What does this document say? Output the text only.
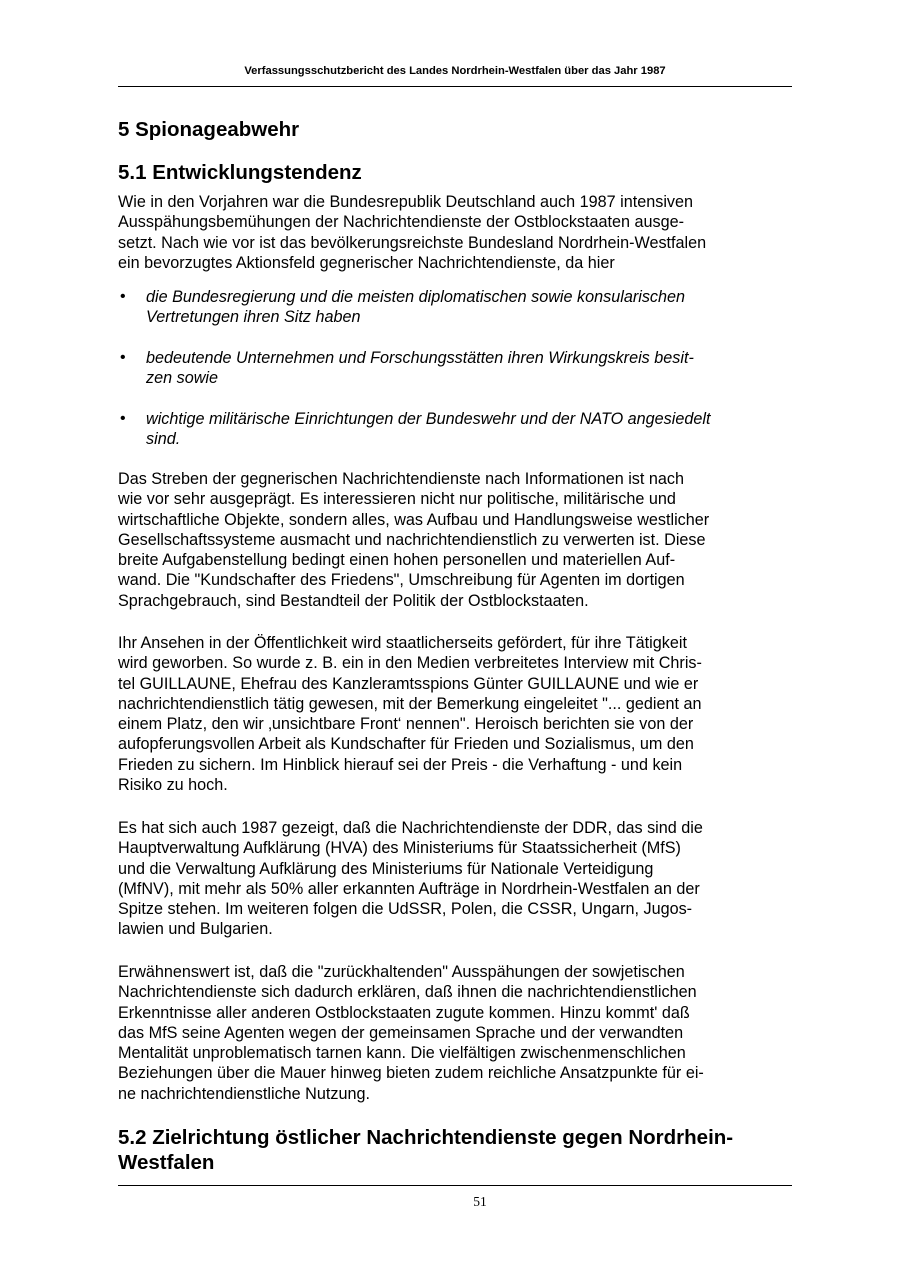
Verfassungsschutzbericht des Landes Nordrhein-Westfalen über das Jahr 1987
5 Spionageabwehr
5.1 Entwicklungstendenz
Wie in den Vorjahren war die Bundesrepublik Deutschland auch 1987 intensiven
Ausspähungsbemühungen der Nachrichtendienste der Ostblockstaaten ausge-
setzt. Nach wie vor ist das bevölkerungsreichste Bundesland Nordrhein-Westfalen
ein bevorzugtes Aktionsfeld gegnerischer Nachrichtendienste, da hier
• die Bundesregierung und die meisten diplomatischen sowie konsularischen
Vertretungen ihren Sitz haben
• bedeutende Unternehmen und Forschungsstätten ihren Wirkungskreis besit-
zen sowie
• wichtige militärische Einrichtungen der Bundeswehr und der NATO angesiedelt
sind.
Das Streben der gegnerischen Nachrichtendienste nach Informationen ist nach
wie vor sehr ausgeprägt. Es interessieren nicht nur politische, militärische und
wirtschaftliche Objekte, sondern alles, was Aufbau und Handlungsweise westlicher
Gesellschaftssysteme ausmacht und nachrichtendienstlich zu verwerten ist. Diese
breite Aufgabenstellung bedingt einen hohen personellen und materiellen Auf-
wand. Die "Kundschafter des Friedens", Umschreibung für Agenten im dortigen
Sprachgebrauch, sind Bestandteil der Politik der Ostblockstaaten.
Ihr Ansehen in der Öffentlichkeit wird staatlicherseits gefördert, für ihre Tätigkeit
wird geworben. So wurde z. B. ein in den Medien verbreitetes Interview mit Chris-
tel GUILLAUNE, Ehefrau des Kanzleramtsspions Günter GUILLAUNE und wie er
nachrichtendienstlich tätig gewesen, mit der Bemerkung eingeleitet "... gedient an
einem Platz, den wir ‚unsichtbare Front‘ nennen". Heroisch berichten sie von der
aufopferungsvollen Arbeit als Kundschafter für Frieden und Sozialismus, um den
Frieden zu sichern. Im Hinblick hierauf sei der Preis - die Verhaftung - und kein
Risiko zu hoch.
Es hat sich auch 1987 gezeigt, daß die Nachrichtendienste der DDR, das sind die
Hauptverwaltung Aufklärung (HVA) des Ministeriums für Staatssicherheit (MfS)
und die Verwaltung Aufklärung des Ministeriums für Nationale Verteidigung
(MfNV), mit mehr als 50% aller erkannten Aufträge in Nordrhein-Westfalen an der
Spitze stehen. Im weiteren folgen die UdSSR, Polen, die CSSR, Ungarn, Jugos-
lawien und Bulgarien.
Erwähnenswert ist, daß die "zurückhaltenden" Ausspähungen der sowjetischen
Nachrichtendienste sich dadurch erklären, daß ihnen die nachrichtendienstlichen
Erkenntnisse aller anderen Ostblockstaaten zugute kommen. Hinzu kommt' daß
das MfS seine Agenten wegen der gemeinsamen Sprache und der verwandten
Mentalität unproblematisch tarnen kann. Die vielfältigen zwischenmenschlichen
Beziehungen über die Mauer hinweg bieten zudem reichliche Ansatzpunkte für ei-
ne nachrichtendienstliche Nutzung.
5.2 Zielrichtung östlicher Nachrichtendienste gegen Nordrhein-
Westfalen
51
